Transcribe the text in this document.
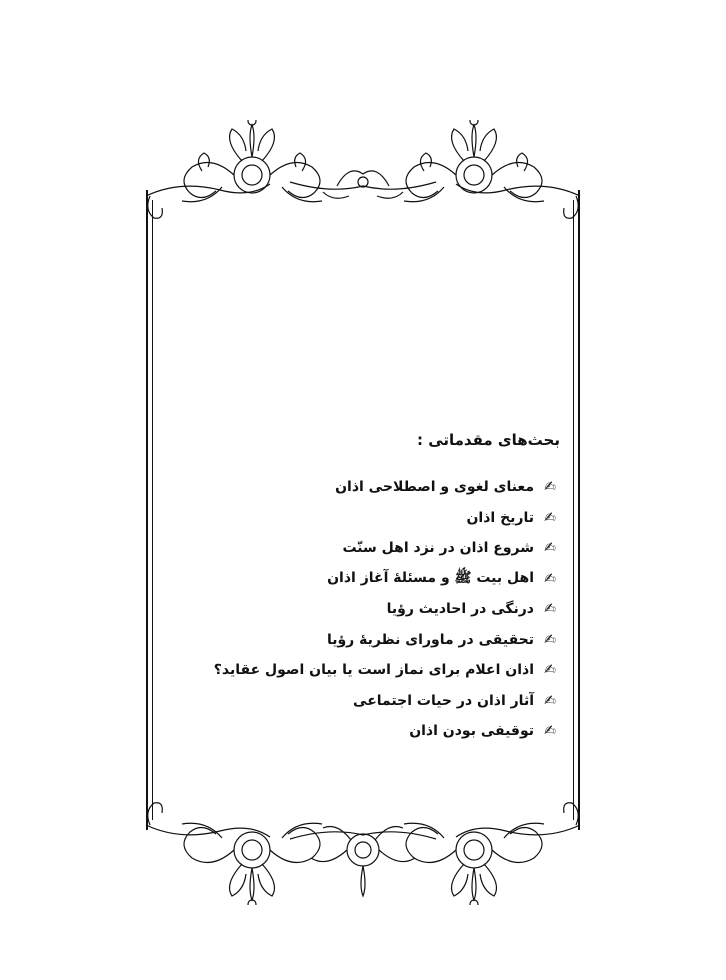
بحث‌های مقدماتی :
✍
معنای لغوی و اصطلاحی اذان
✍
تاریخ اذان
✍
شروع اذان در نزد اهل سنّت
✍
اهل بیت ﷺ و مسئلهٔ آغاز اذان
✍
درنگی در احادیث رؤیا
✍
تحقیقی در ماورای نظریهٔ رؤیا
✍
اذان اعلام برای نماز است یا بیان اصول عقاید؟
✍
آثار اذان در حیات اجتماعی
✍
توقیفی بودن اذان
